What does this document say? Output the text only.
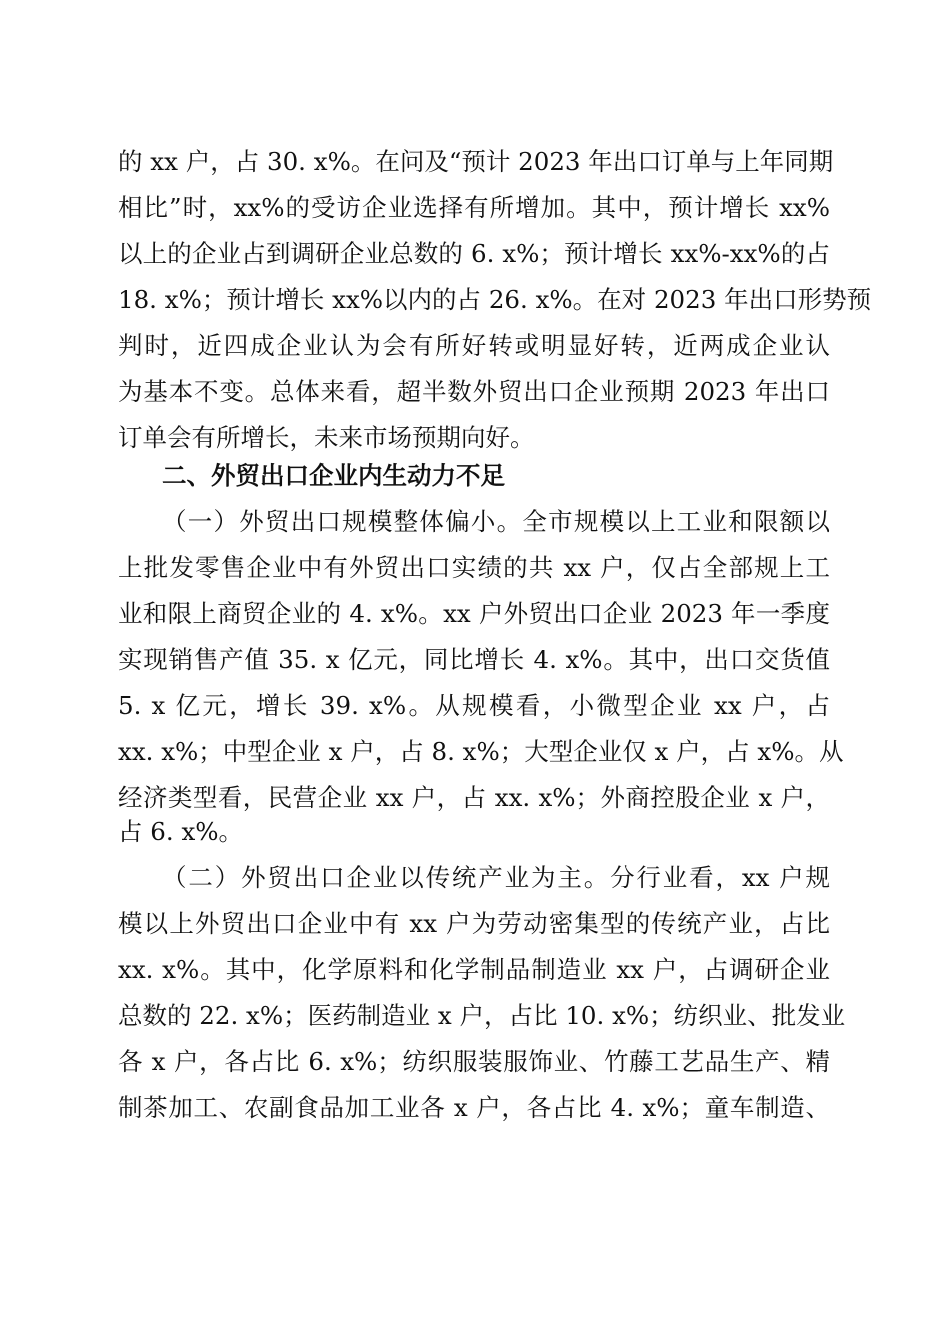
的 xx 户，占 30. x%。在问及“预计 2023 年出口订单与上年同期
相比”时，xx%的受访企业选择有所增加。其中，预计增长 xx%
以上的企业占到调研企业总数的 6. x%；预计增长 xx%-xx%的占
18. x%；预计增长 xx%以内的占 26. x%。在对 2023 年出口形势预
判时，近四成企业认为会有所好转或明显好转，近两成企业认
为基本不变。总体来看，超半数外贸出口企业预期 2023 年出口
订单会有所增长，未来市场预期向好。
二、外贸出口企业内生动力不足
（一）外贸出口规模整体偏小。全市规模以上工业和限额以
上批发零售企业中有外贸出口实绩的共 xx 户，仅占全部规上工
业和限上商贸企业的 4. x%。xx 户外贸出口企业 2023 年一季度
实现销售产值 35. x 亿元，同比增长 4. x%。其中，出口交货值
5. x 亿元，增长 39. x%。从规模看，小微型企业 xx 户，占
xx. x%；中型企业 x 户，占 8. x%；大型企业仅 x 户，占 x%。从
经济类型看，民营企业 xx 户，占 xx. x%；外商控股企业 x 户，
占 6. x%。
（二）外贸出口企业以传统产业为主。分行业看，xx 户规
模以上外贸出口企业中有 xx 户为劳动密集型的传统产业，占比
xx. x%。其中，化学原料和化学制品制造业 xx 户，占调研企业
总数的 22. x%；医药制造业 x 户，占比 10. x%；纺织业、批发业
各 x 户，各占比 6. x%；纺织服装服饰业、竹藤工艺品生产、精
制茶加工、农副食品加工业各 x 户，各占比 4. x%；童车制造、
